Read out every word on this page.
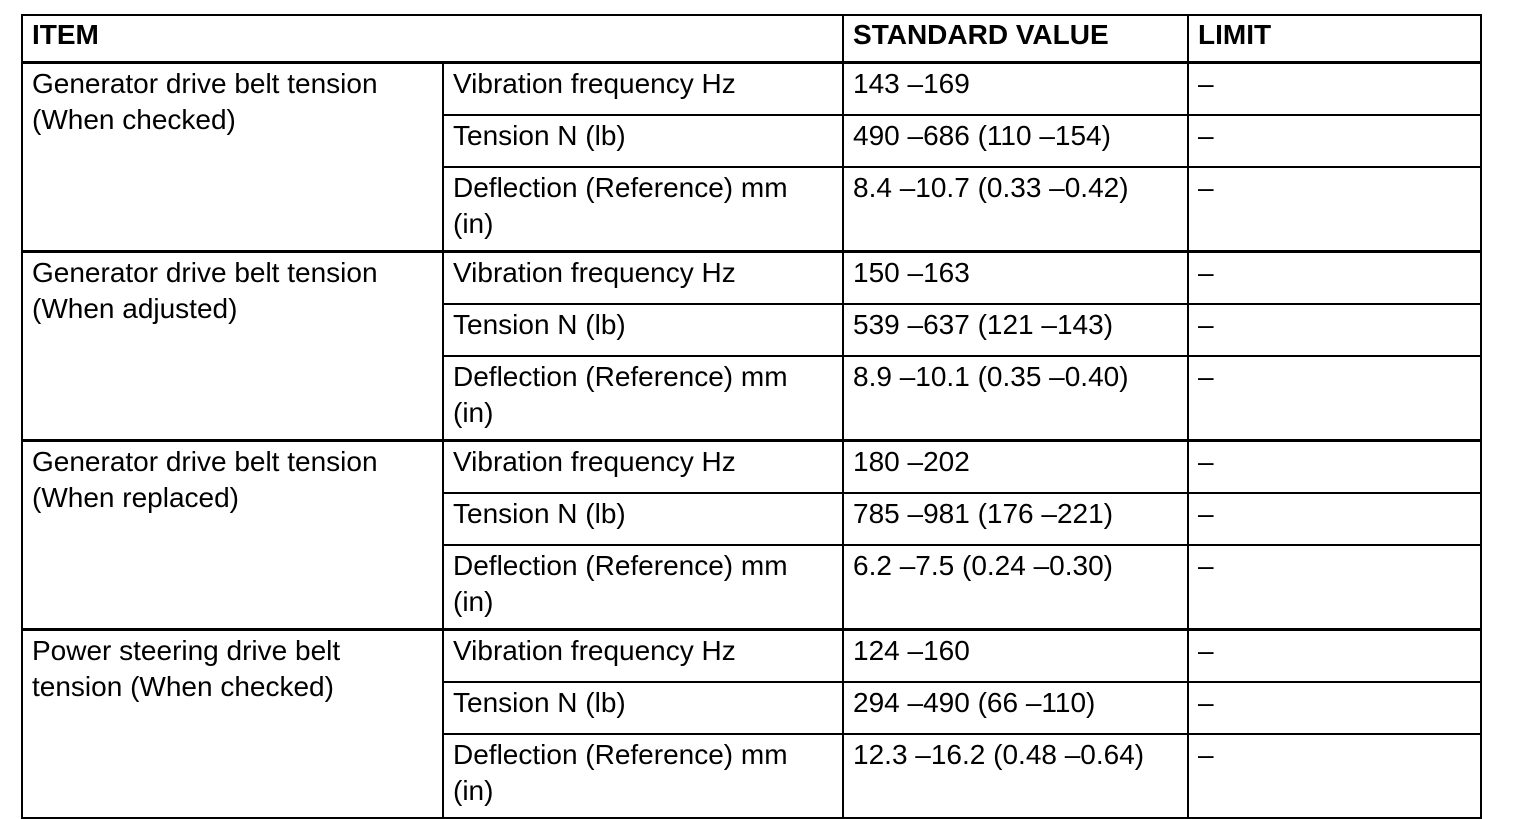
ITEM		STANDARD VALUE	LIMIT
Generator drive belt tension (When checked)	Vibration frequency Hz	143 –169	–
	Tension N (lb)	490 –686 (110 –154)	–
	Deflection (Reference) mm (in)	8.4 –10.7 (0.33 –0.42)	–
Generator drive belt tension (When adjusted)	Vibration frequency Hz	150 –163	–
	Tension N (lb)	539 –637 (121 –143)	–
	Deflection (Reference) mm (in)	8.9 –10.1 (0.35 –0.40)	–
Generator drive belt tension (When replaced)	Vibration frequency Hz	180 –202	–
	Tension N (lb)	785 –981 (176 –221)	–
	Deflection (Reference) mm (in)	6.2 –7.5 (0.24 –0.30)	–
Power steering drive belt tension (When checked)	Vibration frequency Hz	124 –160	–
	Tension N (lb)	294 –490 (66 –110)	–
	Deflection (Reference) mm (in)	12.3 –16.2 (0.48 –0.64)	–
